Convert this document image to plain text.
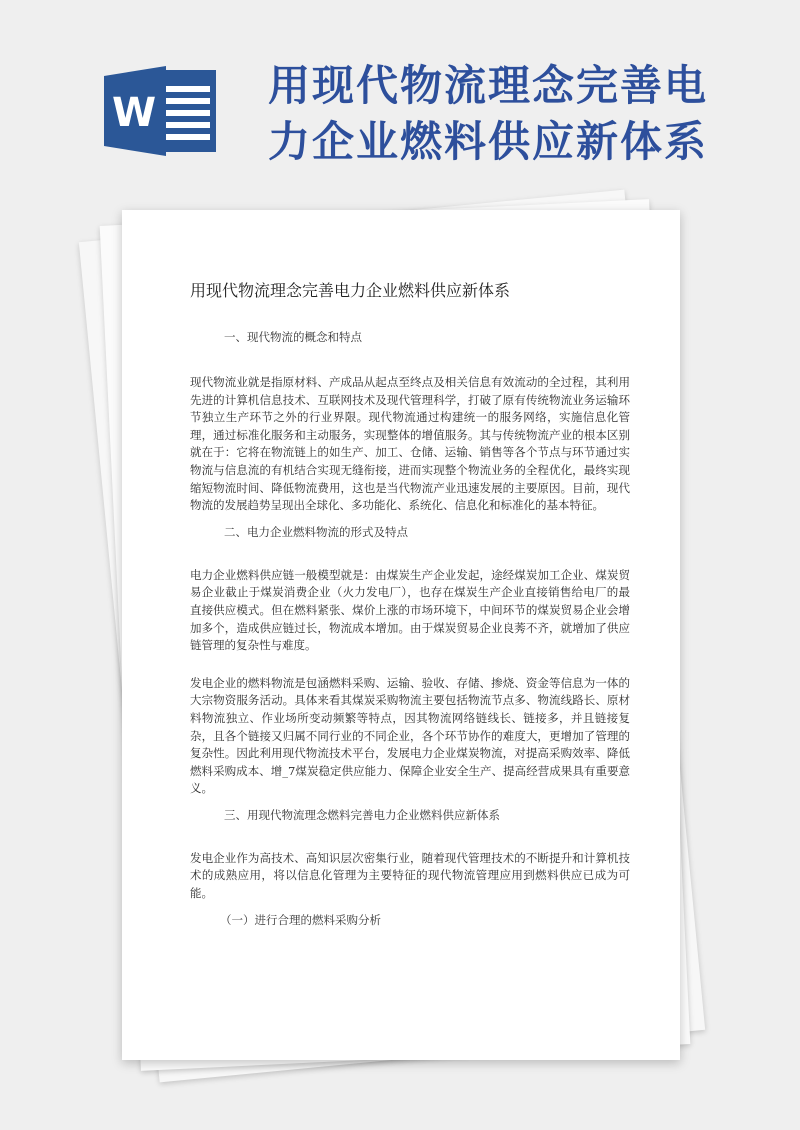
W
用现代物流理念完善电
力企业燃料供应新体系
用现代物流理念完善电力企业燃料供应新体系
一、现代物流的概念和特点

现代物流业就是指原材料、产成品从起点至终点及相关信息有效流动的全过程，其利用先进的计算机信息技术、互联网技术及现代管理科学，打破了原有传统物流业务运输环节独立生产环节之外的行业界限。现代物流通过构建统一的服务网络，实施信息化管理，通过标准化服务和主动服务，实现整体的增值服务。其与传统物流产业的根本区别就在于：它将在物流链上的如生产、加工、仓储、运输、销售等各个节点与环节通过实物流与信息流的有机结合实现无缝衔接，进而实现整个物流业务的全程优化，最终实现缩短物流时间、降低物流费用，这也是当代物流产业迅速发展的主要原因。目前，现代物流的发展趋势呈现出全球化、多功能化、系统化、信息化和标准化的基本特征。

二、电力企业燃料物流的形式及特点

电力企业燃料供应链一般模型就是：由煤炭生产企业发起，途经煤炭加工企业、煤炭贸易企业截止于煤炭消费企业（火力发电厂），也存在煤炭生产企业直接销售给电厂的最直接供应模式。但在燃料紧张、煤价上涨的市场环境下，中间环节的煤炭贸易企业会增加多个，造成供应链过长，物流成本增加。由于煤炭贸易企业良莠不齐，就增加了供应链管理的复杂性与难度。

发电企业的燃料物流是包涵燃料采购、运输、验收、存储、掺烧、资金等信息为一体的大宗物资服务活动。具体来看其煤炭采购物流主要包括物流节点多、物流线路长、原材料物流独立、作业场所变动频繁等特点，因其物流网络链线长、链接多，并且链接复杂，且各个链接又归属不同行业的不同企业，各个环节协作的难度大，更增加了管理的复杂性。因此利用现代物流技术平台，发展电力企业煤炭物流，对提高采购效率、降低燃料采购成本、增_7煤炭稳定供应能力、保障企业安全生产、提高经营成果具有重要意义。

三、用现代物流理念燃料完善电力企业燃料供应新体系

发电企业作为高技术、高知识层次密集行业，随着现代管理技术的不断提升和计算机技术的成熟应用，将以信息化管理为主要特征的现代物流管理应用到燃料供应已成为可能。

（一）进行合理的燃料采购分析
